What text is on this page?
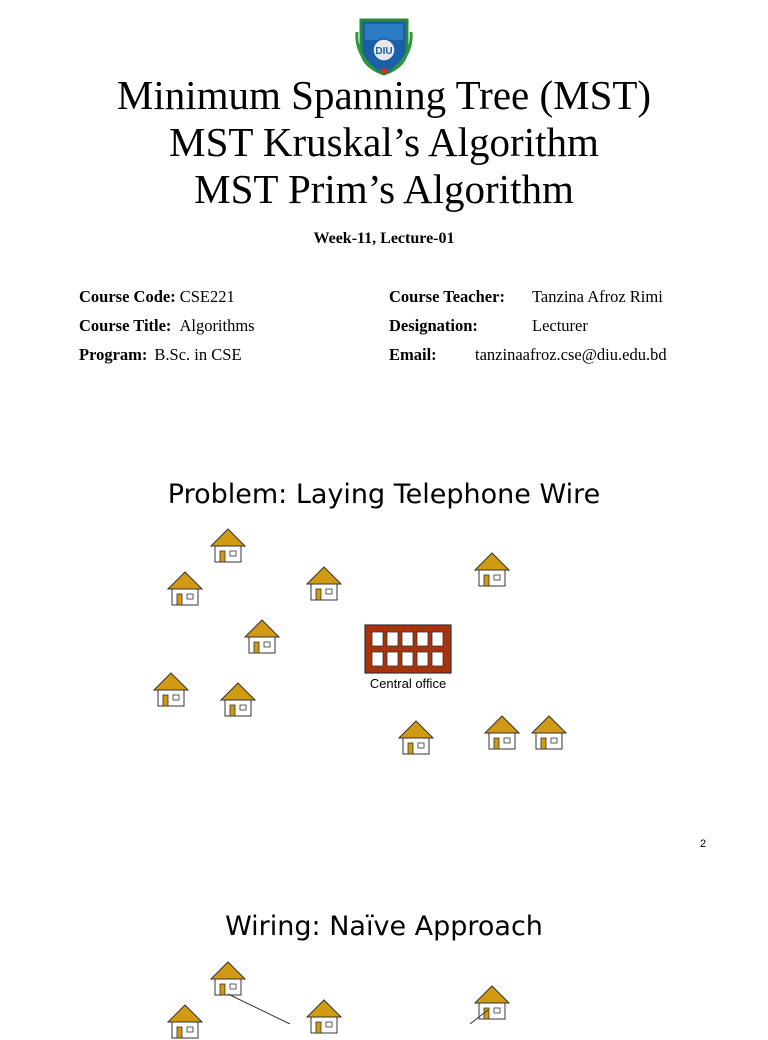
DIU
Minimum Spanning Tree (MST)
MST Kruskal’s Algorithm
MST Prim’s Algorithm
Week-11, Lecture-01
Course Code: CSE221
Course Title: Algorithms
Program: B.Sc. in CSE
Course Teacher: Tanzina Afroz Rimi
Designation:	Lecturer
Email: tanzinaafroz.cse@diu.edu.bd
Problem: Laying Telephone Wire
Central office
2
Wiring: Naïve Approach
